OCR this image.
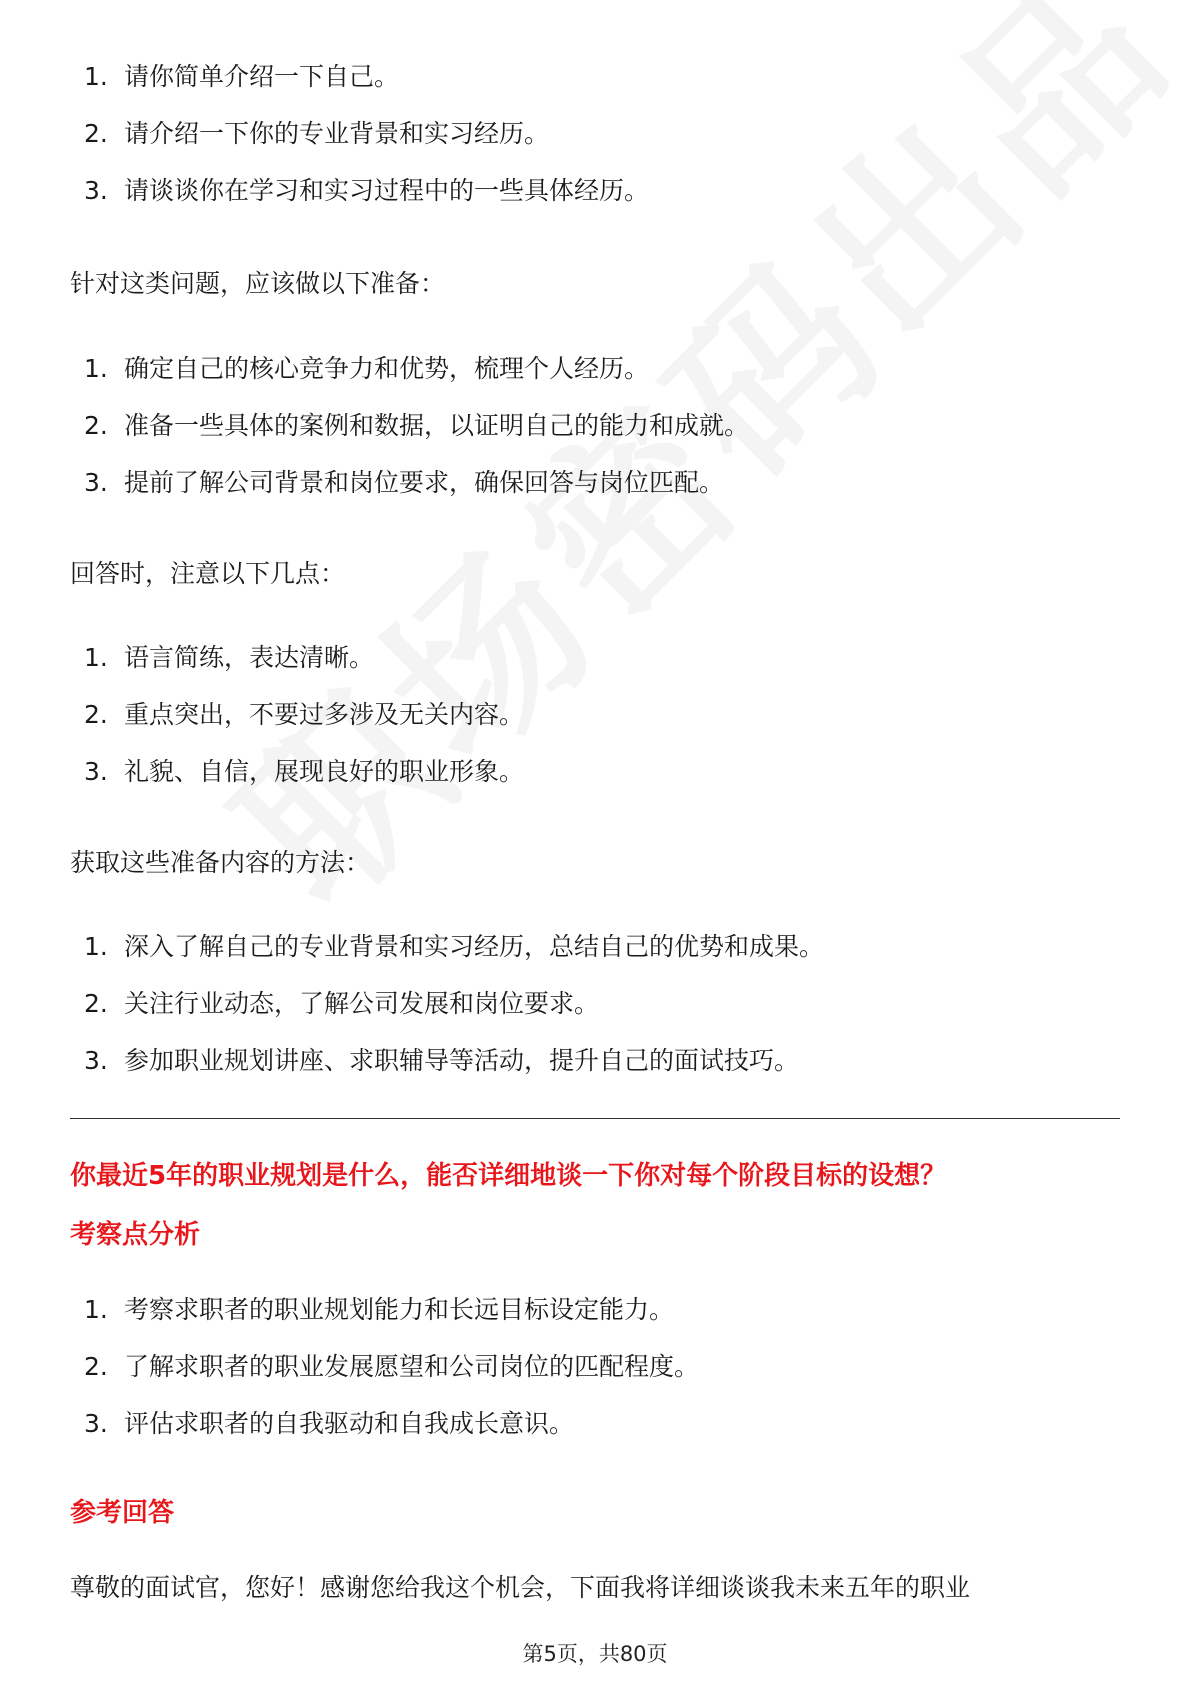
1. 请你简单介绍一下自己。
2. 请介绍一下你的专业背景和实习经历。
3. 请谈谈你在学习和实习过程中的一些具体经历。

针对这类问题，应该做以下准备：

1. 确定自己的核心竞争力和优势，梳理个人经历。
2. 准备一些具体的案例和数据，以证明自己的能力和成就。
3. 提前了解公司背景和岗位要求，确保回答与岗位匹配。

回答时，注意以下几点：

1. 语言简练，表达清晰。
2. 重点突出，不要过多涉及无关内容。
3. 礼貌、自信，展现良好的职业形象。

获取这些准备内容的方法：

1. 深入了解自己的专业背景和实习经历，总结自己的优势和成果。
2. 关注行业动态，了解公司发展和岗位要求。
3. 参加职业规划讲座、求职辅导等活动，提升自己的面试技巧。

你最近5年的职业规划是什么，能否详细地谈一下你对每个阶段目标的设想？

考察点分析

1. 考察求职者的职业规划能力和长远目标设定能力。
2. 了解求职者的职业发展愿望和公司岗位的匹配程度。
3. 评估求职者的自我驱动和自我成长意识。

参考回答

尊敬的面试官，您好！感谢您给我这个机会，下面我将详细谈谈我未来五年的职业

第5页，共80页
